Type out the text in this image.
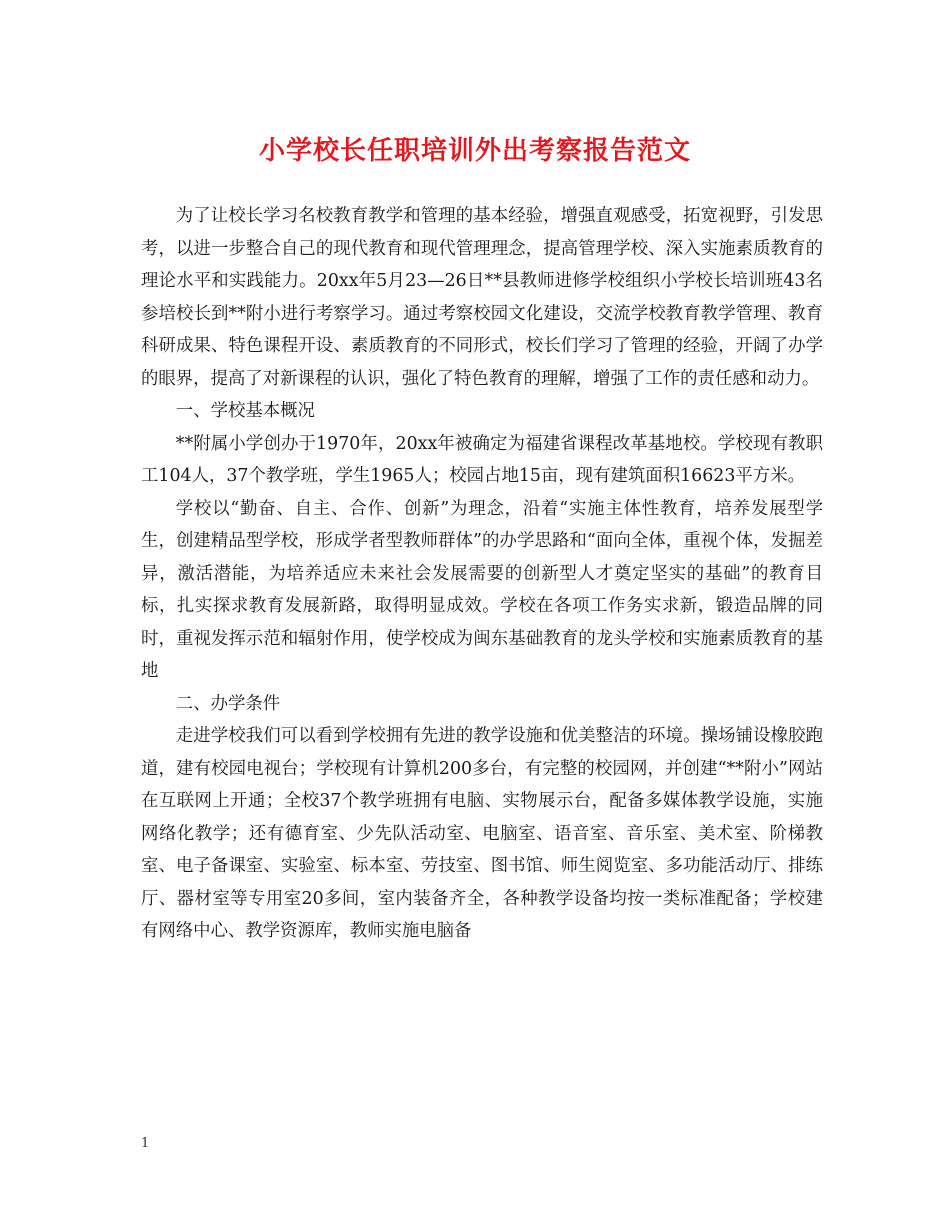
小学校长任职培训外出考察报告范文

为了让校长学习名校教育教学和管理的基本经验，增强直观感受，拓宽视野，引发思考，以进一步整合自己的现代教育和现代管理理念，提高管理学校、深入实施素质教育的理论水平和实践能力。20xx年5月23—26日**县教师进修学校组织小学校长培训班43名参培校长到**附小进行考察学习。通过考察校园文化建设，交流学校教育教学管理、教育科研成果、特色课程开设、素质教育的不同形式，校长们学习了管理的经验，开阔了办学的眼界，提高了对新课程的认识，强化了特色教育的理解，增强了工作的责任感和动力。

一、学校基本概况

**附属小学创办于1970年，20xx年被确定为福建省课程改革基地校。学校现有教职工104人，37个教学班，学生1965人；校园占地15亩，现有建筑面积16623平方米。

学校以“勤奋、自主、合作、创新”为理念，沿着“实施主体性教育，培养发展型学生，创建精品型学校，形成学者型教师群体”的办学思路和“面向全体，重视个体，发掘差异，激活潜能，为培养适应未来社会发展需要的创新型人才奠定坚实的基础”的教育目标，扎实探求教育发展新路，取得明显成效。学校在各项工作务实求新，锻造品牌的同时，重视发挥示范和辐射作用，使学校成为闽东基础教育的龙头学校和实施素质教育的基地

二、办学条件

走进学校我们可以看到学校拥有先进的教学设施和优美整洁的环境。操场铺设橡胶跑道，建有校园电视台；学校现有计算机200多台，有完整的校园网，并创建“**附小”网站在互联网上开通；全校37个教学班拥有电脑、实物展示台，配备多媒体教学设施，实施网络化教学；还有德育室、少先队活动室、电脑室、语音室、音乐室、美术室、阶梯教室、电子备课室、实验室、标本室、劳技室、图书馆、师生阅览室、多功能活动厅、排练厅、器材室等专用室20多间，室内装备齐全，各种教学设备均按一类标准配备；学校建有网络中心、教学资源库，教师实施电脑备

1
